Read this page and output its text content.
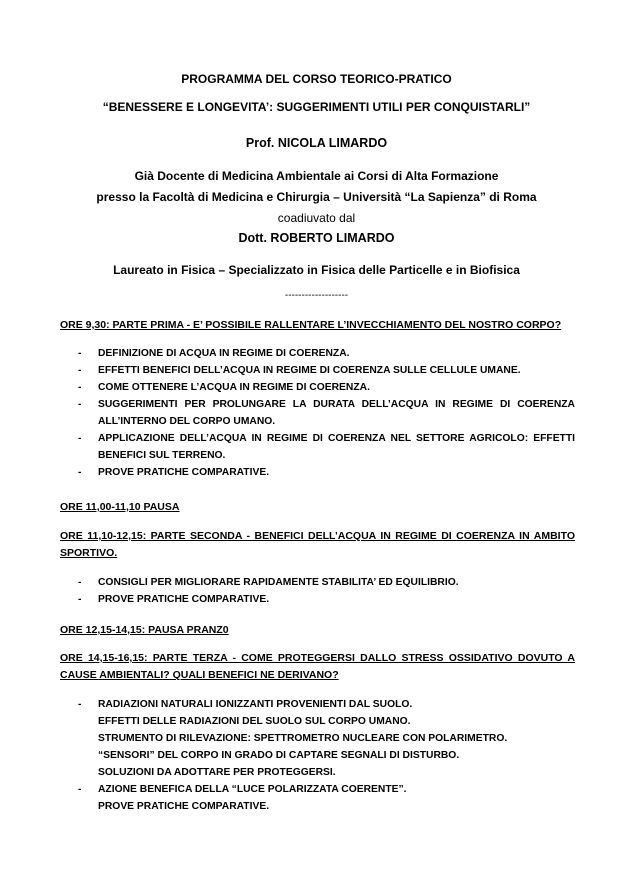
PROGRAMMA DEL CORSO TEORICO-PRATICO
“BENESSERE E LONGEVITA’: SUGGERIMENTI UTILI PER CONQUISTARLI”
Prof. NICOLA LIMARDO
Già Docente di Medicina Ambientale ai Corsi di Alta Formazione
presso la Facoltà di Medicina e Chirurgia – Università “La Sapienza” di Roma
coadiuvato dal
Dott. ROBERTO LIMARDO
Laureato in Fisica – Specializzato in Fisica delle Particelle e in Biofisica
-------------------
ORE 9,30: PARTE PRIMA - E’ POSSIBILE RALLENTARE L’INVECCHIAMENTO DEL NOSTRO CORPO?
- DEFINIZIONE DI ACQUA IN REGIME DI COERENZA.
- EFFETTI BENEFICI DELL’ACQUA IN REGIME DI COERENZA SULLE CELLULE UMANE.
- COME OTTENERE L’ACQUA IN REGIME DI COERENZA.
- SUGGERIMENTI PER PROLUNGARE LA DURATA DELL’ACQUA IN REGIME DI COERENZA ALL’INTERNO DEL CORPO UMANO.
- APPLICAZIONE DELL’ACQUA IN REGIME DI COERENZA NEL SETTORE AGRICOLO: EFFETTI BENEFICI SUL TERRENO.
- PROVE PRATICHE COMPARATIVE.
ORE 11,00-11,10 PAUSA
ORE 11,10-12,15: PARTE SECONDA - BENEFICI DELL’ACQUA IN REGIME DI COERENZA IN AMBITO SPORTIVO.
- CONSIGLI PER MIGLIORARE RAPIDAMENTE STABILITA’ ED EQUILIBRIO.
- PROVE PRATICHE COMPARATIVE.
ORE 12,15-14,15: PAUSA PRANZ0
ORE 14,15-16,15: PARTE TERZA - COME PROTEGGERSI DALLO STRESS OSSIDATIVO DOVUTO A CAUSE AMBIENTALI? QUALI BENEFICI NE DERIVANO?
- RADIAZIONI NATURALI IONIZZANTI PROVENIENTI DAL SUOLO.
EFFETTI DELLE RADIAZIONI DEL SUOLO SUL CORPO UMANO.
STRUMENTO DI RILEVAZIONE: SPETTROMETRO NUCLEARE CON POLARIMETRO.
“SENSORI” DEL CORPO IN GRADO DI CAPTARE SEGNALI DI DISTURBO.
SOLUZIONI DA ADOTTARE PER PROTEGGERSI.
- AZIONE BENEFICA DELLA “LUCE POLARIZZATA COERENTE”.
PROVE PRATICHE COMPARATIVE.
